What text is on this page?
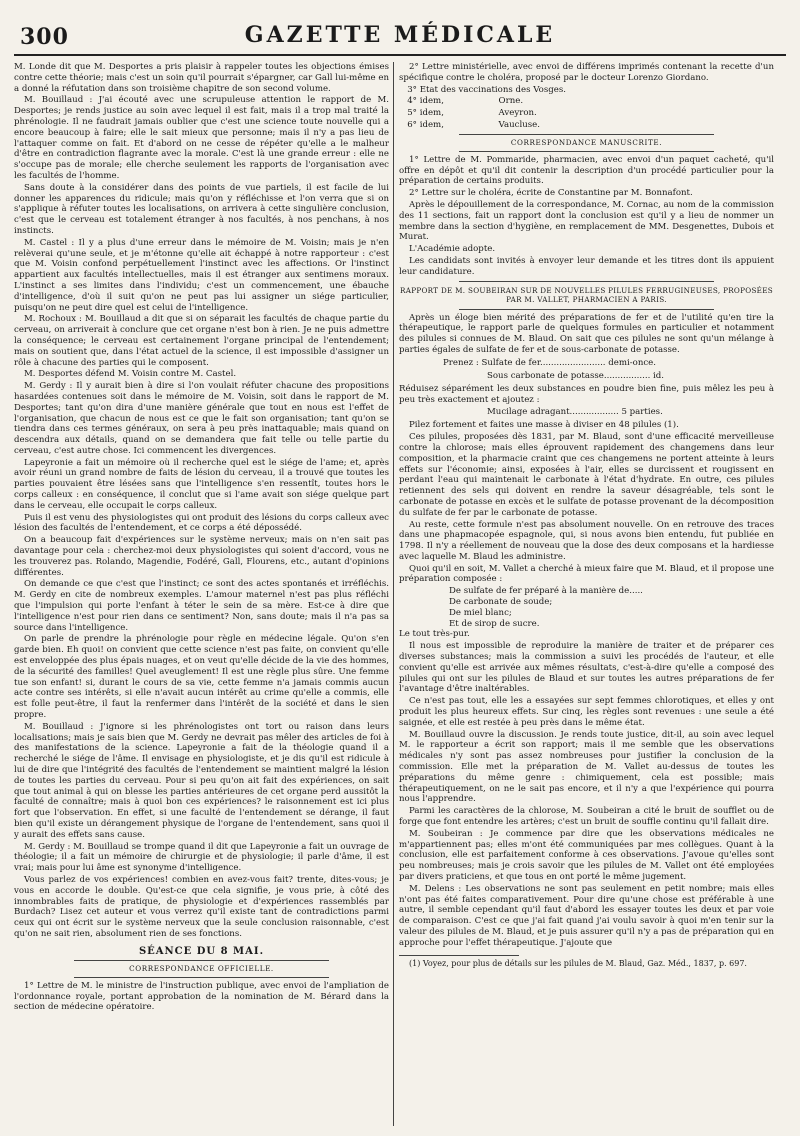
300	GAZETTE MÉDICALE

M. Londe dit que M. Desportes a pris plaisir à rappeler toutes les objections émises contre cette théorie; mais c'est un soin qu'il pourrait s'épargner, car Gall lui-même en a donné la réfutation dans son troisième chapitre de son second volume.

M. Bouillaud : J'ai écouté avec une scrupuleuse attention le rapport de M. Desportes; je rends justice au soin avec lequel il est fait, mais il a trop mal traité la phrénologie. Il ne faudrait jamais oublier que c'est une science toute nouvelle qui a encore beaucoup à faire; elle le sait mieux que personne; mais il n'y a pas lieu de l'attaquer comme on fait. Et d'abord on ne cesse de répéter qu'elle a le malheur d'être en contradiction flagrante avec la morale. C'est là une grande erreur : elle ne s'occupe pas de morale; elle cherche seulement les rapports de l'organisation avec les facultés de l'homme.

Sans doute à la considérer dans des points de vue partiels, il est facile de lui donner les apparences du ridicule; mais qu'on y réfléchisse et l'on verra que si on s'applique à réfuter toutes les localisations, on arrivera à cette singulière conclusion, c'est que le cerveau est totalement étranger à nos facultés, à nos penchans, à nos instincts.

M. Castel : Il y a plus d'une erreur dans le mémoire de M. Voisin; mais je n'en relèverai qu'une seule, et je m'étonne qu'elle ait échappé à notre rapporteur : c'est que M. Voisin confond perpétuellement l'instinct avec les affections. Or l'instinct appartient aux facultés intellectuelles, mais il est étranger aux sentimens moraux. L'instinct a ses limites dans l'individu; c'est un commencement, une ébauche d'intelligence, d'où il suit qu'on ne peut pas lui assigner un siége particulier, puisqu'on ne peut dire quel est celui de l'intelligence.

M. Rochoux : M. Bouillaud a dit que si on séparait les facultés de chaque partie du cerveau, on arriverait à conclure que cet organe n'est bon à rien. Je ne puis admettre la conséquence; le cerveau est certainement l'organe principal de l'entendement; mais on soutient que, dans l'état actuel de la science, il est impossible d'assigner un rôle à chacune des parties qui le composent.

M. Desportes défend M. Voisin contre M. Castel.

M. Gerdy : Il y aurait bien à dire si l'on voulait réfuter chacune des propositions hasardées contenues soit dans le mémoire de M. Voisin, soit dans le rapport de M. Desportes; tant qu'on dira d'une manière générale que tout en nous est l'effet de l'organisation, que chacun de nous est ce que le fait son organisation; tant qu'on se tiendra dans ces termes généraux, on sera à peu près inattaquable; mais quand on descendra aux détails, quand on se demandera que fait telle ou telle partie du cerveau, c'est autre chose. Ici commencent les divergences.

Lapeyronie a fait un mémoire où il recherche quel est le siége de l'ame; et, après avoir réuni un grand nombre de faits de lésion du cerveau, il a trouvé que toutes les parties pouvaient être lésées sans que l'intelligence s'en ressentît, toutes hors le corps calleux : en conséquence, il conclut que si l'ame avait son siége quelque part dans le cerveau, elle occupait le corps calleux.

Puis il est venu des physiologistes qui ont produit des lésions du corps calleux avec lésion des facultés de l'entendement, et ce corps a été dépossédé.

On a beaucoup fait d'expériences sur le système nerveux; mais on n'en sait pas davantage pour cela : cherchez-moi deux physiologistes qui soient d'accord, vous ne les trouverez pas. Rolando, Magendie, Fodéré, Gall, Flourens, etc., autant d'opinions différentes.

On demande ce que c'est que l'instinct; ce sont des actes spontanés et irréfléchis. M. Gerdy en cite de nombreux exemples. L'amour maternel n'est pas plus réfléchi que l'impulsion qui porte l'enfant à téter le sein de sa mère. Est-ce à dire que l'intelligence n'est pour rien dans ce sentiment? Non, sans doute; mais il n'a pas sa source dans l'intelligence.

On parle de prendre la phrénologie pour règle en médecine légale. Qu'on s'en garde bien. Eh quoi! on convient que cette science n'est pas faite, on convient qu'elle est enveloppée des plus épais nuages, et on veut qu'elle décide de la vie des hommes, de la sécurité des familles! Quel aveuglement! Il est une règle plus sûre. Une femme tue son enfant! si, durant le cours de sa vie, cette femme n'a jamais commis aucun acte contre ses intérêts, si elle n'avait aucun intérêt au crime qu'elle a commis, elle est folle peut-être, il faut la renfermer dans l'intérêt de la société et dans le sien propre.

M. Bouillaud : J'ignore si les phrénologistes ont tort ou raison dans leurs localisations; mais je sais bien que M. Gerdy ne devrait pas mêler des articles de foi à des manifestations de la science. Lapeyronie a fait de la théologie quand il a recherché le siége de l'âme. Il envisage en physiologiste, et je dis qu'il est ridicule à lui de dire que l'intégrité des facultés de l'entendement se maintient malgré la lésion de toutes les parties du cerveau. Pour si peu qu'on ait fait des expériences, on sait que tout animal à qui on blesse les parties antérieures de cet organe perd aussitôt la faculté de connaître; mais à quoi bon ces expériences? le raisonnement est ici plus fort que l'observation. En effet, si une faculté de l'entendement se dérange, il faut bien qu'il existe un dérangement physique de l'organe de l'entendement, sans quoi il y aurait des effets sans cause.

M. Gerdy : M. Bouillaud se trompe quand il dit que Lapeyronie a fait un ouvrage de théologie; il a fait un mémoire de chirurgie et de physiologie; il parle d'âme, il est vrai; mais pour lui âme est synonyme d'intelligence.

Vous parlez de vos expériences! combien en avez-vous fait? trente, dites-vous; je vous en accorde le double. Qu'est-ce que cela signifie, je vous prie, à côté des innombrables faits de pratique, de physiologie et d'expériences rassemblés par Burdach? Lisez cet auteur et vous verrez qu'il existe tant de contradictions parmi ceux qui ont écrit sur le système nerveux que la seule conclusion raisonnable, c'est qu'on ne sait rien, absolument rien de ses fonctions.

SÉANCE DU 8 MAI.
CORRESPONDANCE OFFICIELLE.

1° Lettre de M. le ministre de l'instruction publique, avec envoi de l'ampliation de l'ordonnance royale, portant approbation de la nomination de M. Bérard dans la section de médecine opératoire.

2° Lettre ministérielle, avec envoi de différens imprimés contenant la recette d'un spécifique contre le choléra, proposé par le docteur Lorenzo Giordano.

3° Etat des vaccinations des Vosges.

4° idem,                    Orne.

5° idem,                    Aveyron.

6° idem,                    Vaucluse.

CORRESPONDANCE MANUSCRITE.

1° Lettre de M. Pommaride, pharmacien, avec envoi d'un paquet cacheté, qu'il offre en dépôt et qu'il dit contenir la description d'un procédé particulier pour la préparation de certains produits.

2° Lettre sur le choléra, écrite de Constantine par M. Bonnafont.

Après le dépouillement de la correspondance, M. Cornac, au nom de la commission des 11 sections, fait un rapport dont la conclusion est qu'il y a lieu de nommer un membre dans la section d'hygiène, en remplacement de MM. Desgenettes, Dubois et Murat.

L'Académie adopte.

Les candidats sont invités à envoyer leur demande et les titres dont ils appuient leur candidature.

RAPPORT DE M. SOUBEIRAN SUR DE NOUVELLES PILULES FERRUGINEUSES, PROPOSÉES PAR M. VALLET, PHARMACIEN A PARIS.

Après un éloge bien mérité des préparations de fer et de l'utilité qu'en tire la thérapeutique, le rapport parle de quelques formules en particulier et notamment des pilules si connues de M. Blaud. On sait que ces pilules ne sont qu'un mélange à parties égales de sulfate de fer et de sous-carbonate de potasse.

Prenez : Sulfate de fer........................ demi-once.

Sous carbonate de potasse................. id.

Réduisez séparément les deux substances en poudre bien fine, puis mêlez les peu à peu très exactement et ajoutez :

Mucilage adragant.................. 5 parties.

Pilez fortement et faites une masse à diviser en 48 pilules (1).

Ces pilules, proposées dès 1831, par M. Blaud, sont d'une efficacité merveilleuse contre la chlorose; mais elles éprouvent rapidement des changemens dans leur composition, et la pharmacie craint que ces changemens ne portent atteinte à leurs effets sur l'économie; ainsi, exposées à l'air, elles se durcissent et rougissent en perdant l'eau qui maintenait le carbonate à l'état d'hydrate. En outre, ces pilules retiennent des sels qui doivent en rendre la saveur désagréable, tels sont le carbonate de potasse en excès et le sulfate de potasse provenant de la décomposition du sulfate de fer par le carbonate de potasse.

Au reste, cette formule n'est pas absolument nouvelle. On en retrouve des traces dans une phapmacopée espagnole, qui, si nous avons bien entendu, fut publiée en 1798. Il n'y a réellement de nouveau que la dose des deux composans et la hardiesse avec laquelle M. Blaud les administre.

Quoi qu'il en soit, M. Vallet a cherché à mieux faire que M. Blaud, et il propose une préparation composée :

De sulfate de fer préparé à la manière de.....

De carbonate de soude;

De miel blanc;

Et de sirop de sucre.

Le tout très-pur.

Il nous est impossible de reproduire la manière de traiter et de préparer ces diverses substances; mais la commission a suivi les procédés de l'auteur, et elle convient qu'elle est arrivée aux mêmes résultats, c'est-à-dire qu'elle a composé des pilules qui ont sur les pilules de Blaud et sur toutes les autres préparations de fer l'avantage d'être inaltérables.

Ce n'est pas tout, elle les a essayées sur sept femmes chlorotiques, et elles y ont produit les plus heureux effets. Sur cinq, les règles sont revenues : une seule a été saignée, et elle est restée à peu près dans le même état.

M. Bouillaud ouvre la discussion. Je rends toute justice, dit-il, au soin avec lequel M. le rapporteur a écrit son rapport; mais il me semble que les observations médicales n'y sont pas assez nombreuses pour justifier la conclusion de la commission. Elle met la préparation de M. Vallet au-dessus de toutes les préparations du même genre : chimiquement, cela est possible; mais thérapeutiquement, on ne le sait pas encore, et il n'y a que l'expérience qui pourra nous l'apprendre.

Parmi les caractères de la chlorose, M. Soubeiran a cité le bruit de soufflet ou de forge que font entendre les artères; c'est un bruit de souffle continu qu'il fallait dire.

M. Soubeiran : Je commence par dire que les observations médicales ne m'appartiennent pas; elles m'ont été communiquées par mes collègues. Quant à la conclusion, elle est parfaitement conforme à ces observations. J'avoue qu'elles sont peu nombreuses; mais je crois savoir que les pilules de M. Vallet ont été employées par divers praticiens, et que tous en ont porté le même jugement.

M. Delens : Les observations ne sont pas seulement en petit nombre; mais elles n'ont pas été faites comparativement. Pour dire qu'une chose est préférable à une autre, il semble cependant qu'il faut d'abord les essayer toutes les deux et par voie de comparaison. C'est ce que j'ai fait quand j'ai voulu savoir à quoi m'en tenir sur la valeur des pilules de M. Blaud, et je puis assurer qu'il n'y a pas de préparation qui en approche pour l'effet thérapeutique. J'ajoute que

(1) Voyez, pour plus de détails sur les pilules de M. Blaud, Gaz. Méd., 1837, p. 697.
